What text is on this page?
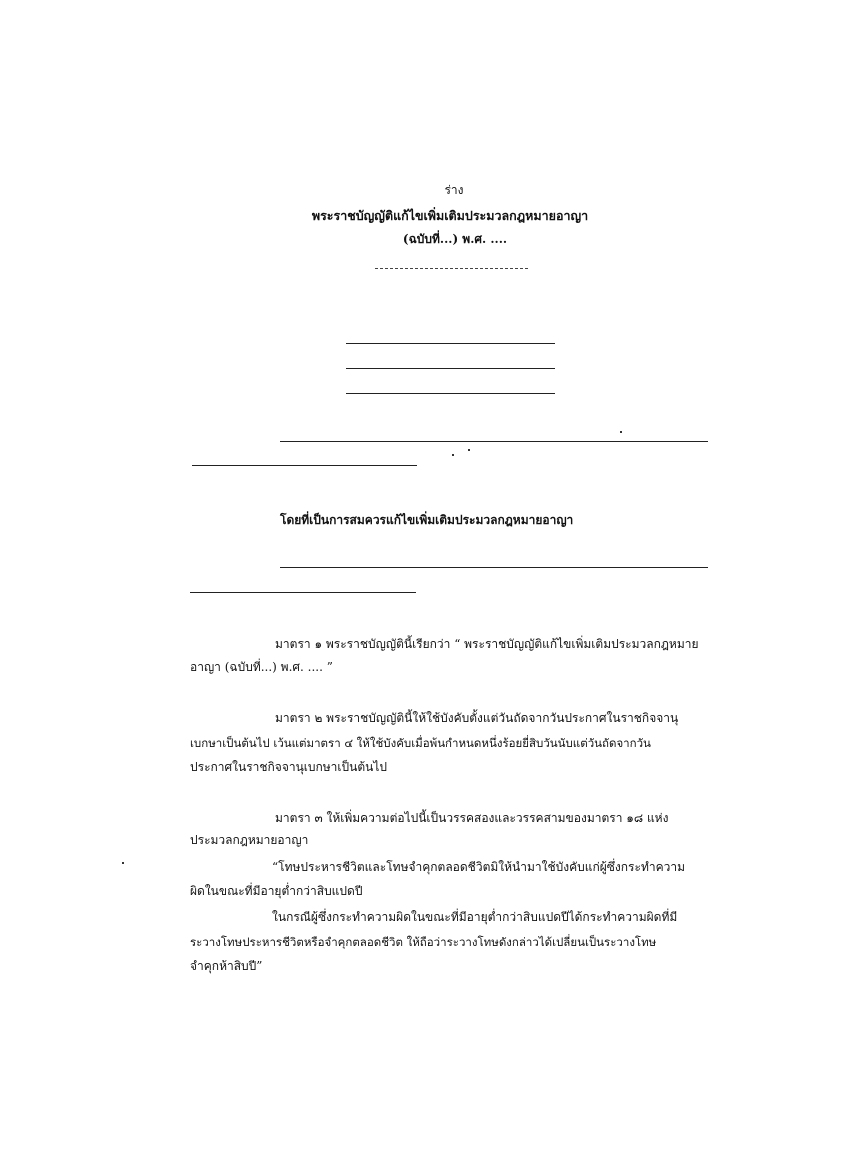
ร่าง
พระราชบัญญัติแก้ไขเพิ่มเติมประมวลกฎหมายอาญา
(ฉบับที่...) พ.ศ. ....
โดยที่เป็นการสมควรแก้ไขเพิ่มเติมประมวลกฎหมายอาญา
มาตรา ๑ พระราชบัญญัตินี้เรียกว่า “ พระราชบัญญัติแก้ไขเพิ่มเติมประมวลกฎหมาย
อาญา (ฉบับที่...) พ.ศ. .... ”
มาตรา ๒ พระราชบัญญัตินี้ให้ใช้บังคับตั้งแต่วันถัดจากวันประกาศในราชกิจจานุ
เบกษาเป็นต้นไป เว้นแต่มาตรา ๔ ให้ใช้บังคับเมื่อพ้นกำหนดหนึ่งร้อยยี่สิบวันนับแต่วันถัดจากวัน
ประกาศในราชกิจจานุเบกษาเป็นต้นไป
มาตรา ๓ ให้เพิ่มความต่อไปนี้เป็นวรรคสองและวรรคสามของมาตรา ๑๘ แห่ง
ประมวลกฎหมายอาญา
“โทษประหารชีวิตและโทษจำคุกตลอดชีวิตมิให้นำมาใช้บังคับแก่ผู้ซึ่งกระทำความ
ผิดในขณะที่มีอายุต่ำกว่าสิบแปดปี
ในกรณีผู้ซึ่งกระทำความผิดในขณะที่มีอายุต่ำกว่าสิบแปดปีได้กระทำความผิดที่มี
ระวางโทษประหารชีวิตหรือจำคุกตลอดชีวิต ให้ถือว่าระวางโทษดังกล่าวได้เปลี่ยนเป็นระวางโทษ
จำคุกห้าสิบปี”
